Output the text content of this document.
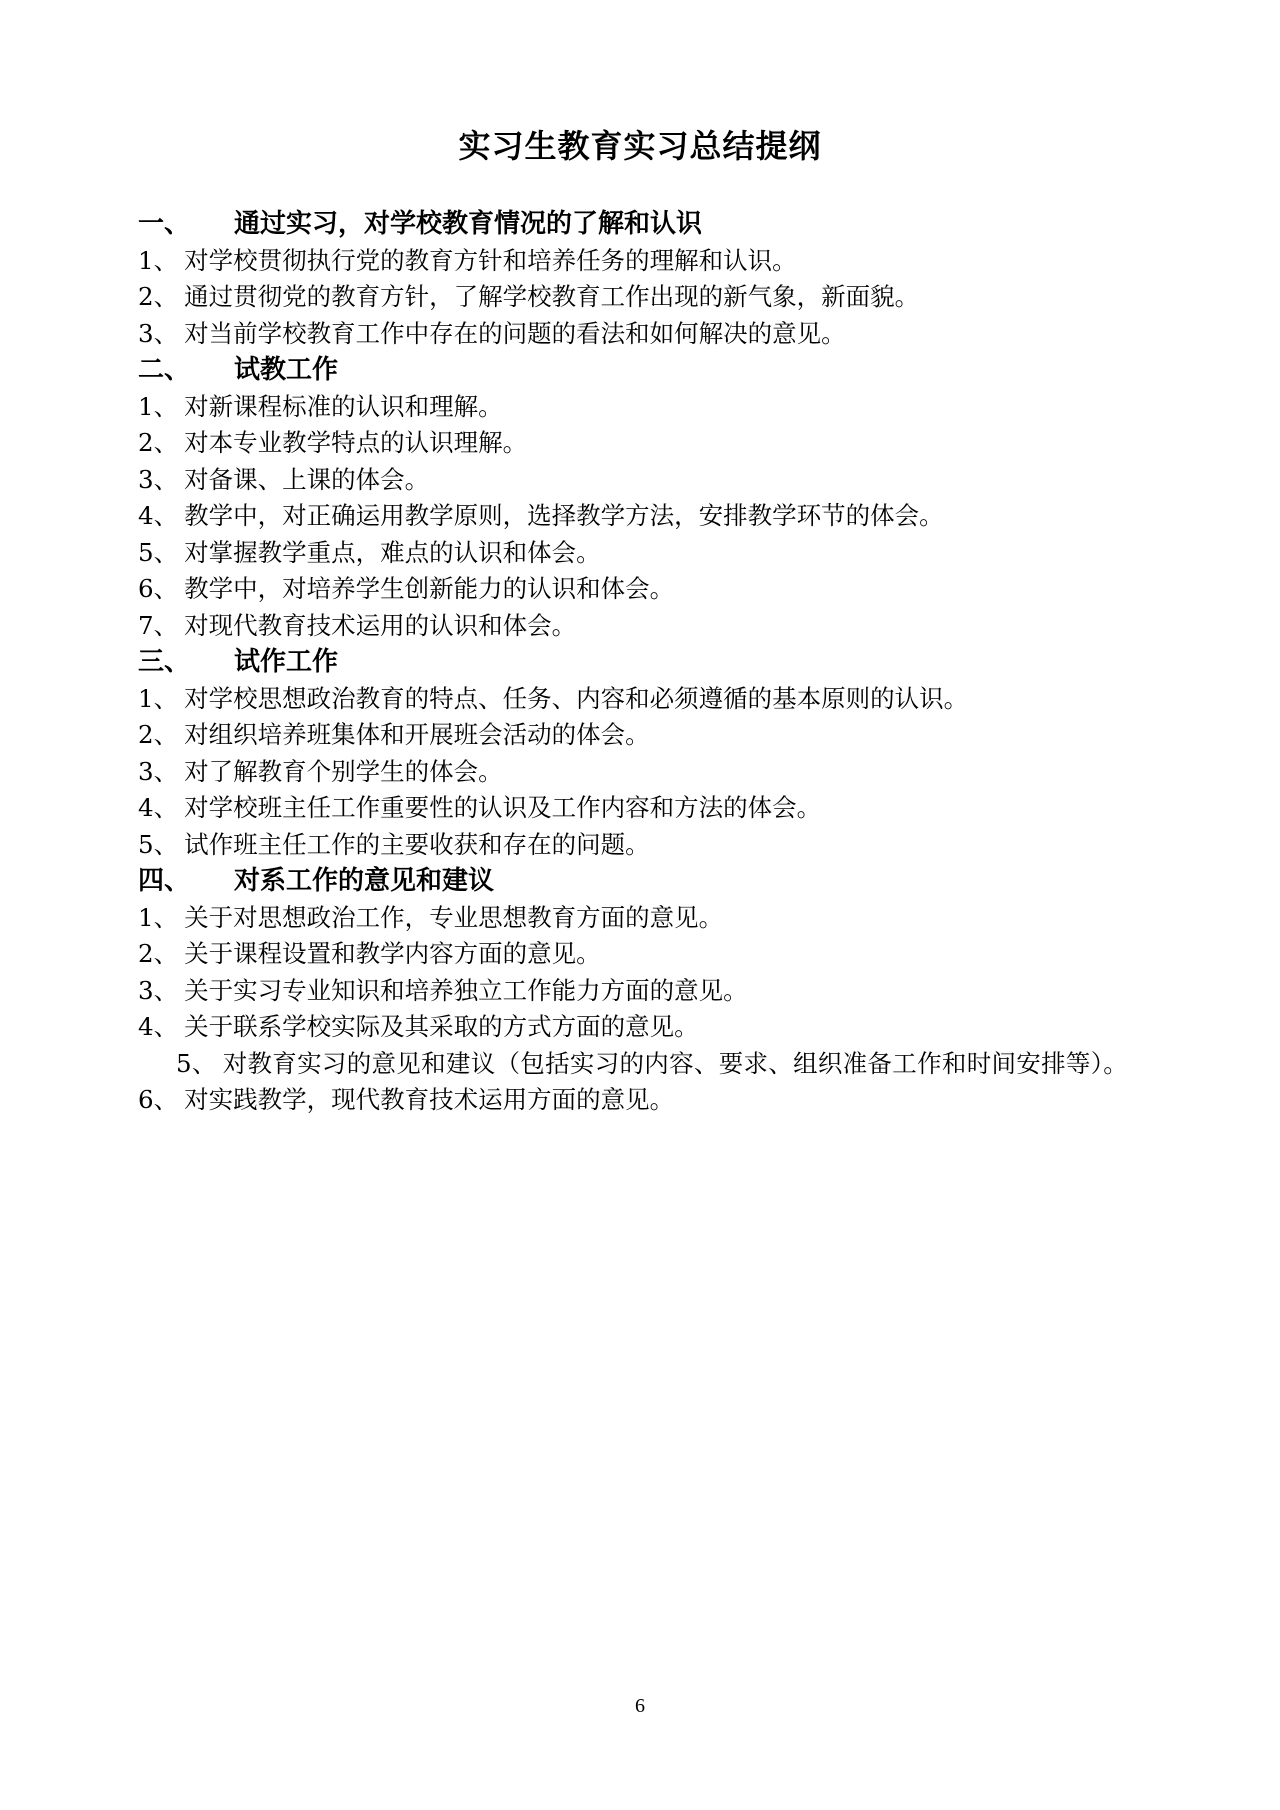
实习生教育实习总结提纲
一、	通过实习，对学校教育情况的了解和认识
1、 对学校贯彻执行党的教育方针和培养任务的理解和认识。
2、 通过贯彻党的教育方针，了解学校教育工作出现的新气象，新面貌。
3、 对当前学校教育工作中存在的问题的看法和如何解决的意见。
二、	试教工作
1、 对新课程标准的认识和理解。
2、 对本专业教学特点的认识理解。
3、 对备课、上课的体会。
4、 教学中，对正确运用教学原则，选择教学方法，安排教学环节的体会。
5、 对掌握教学重点，难点的认识和体会。
6、 教学中，对培养学生创新能力的认识和体会。
7、 对现代教育技术运用的认识和体会。
三、	试作工作
1、 对学校思想政治教育的特点、任务、内容和必须遵循的基本原则的认识。
2、 对组织培养班集体和开展班会活动的体会。
3、 对了解教育个别学生的体会。
4、 对学校班主任工作重要性的认识及工作内容和方法的体会。
5、 试作班主任工作的主要收获和存在的问题。
四、	对系工作的意见和建议
1、 关于对思想政治工作，专业思想教育方面的意见。
2、 关于课程设置和教学内容方面的意见。
3、 关于实习专业知识和培养独立工作能力方面的意见。
4、 关于联系学校实际及其采取的方式方面的意见。
5、 对教育实习的意见和建议（包括实习的内容、要求、组织准备工作和时间安排等）。
6、 对实践教学，现代教育技术运用方面的意见。
6
